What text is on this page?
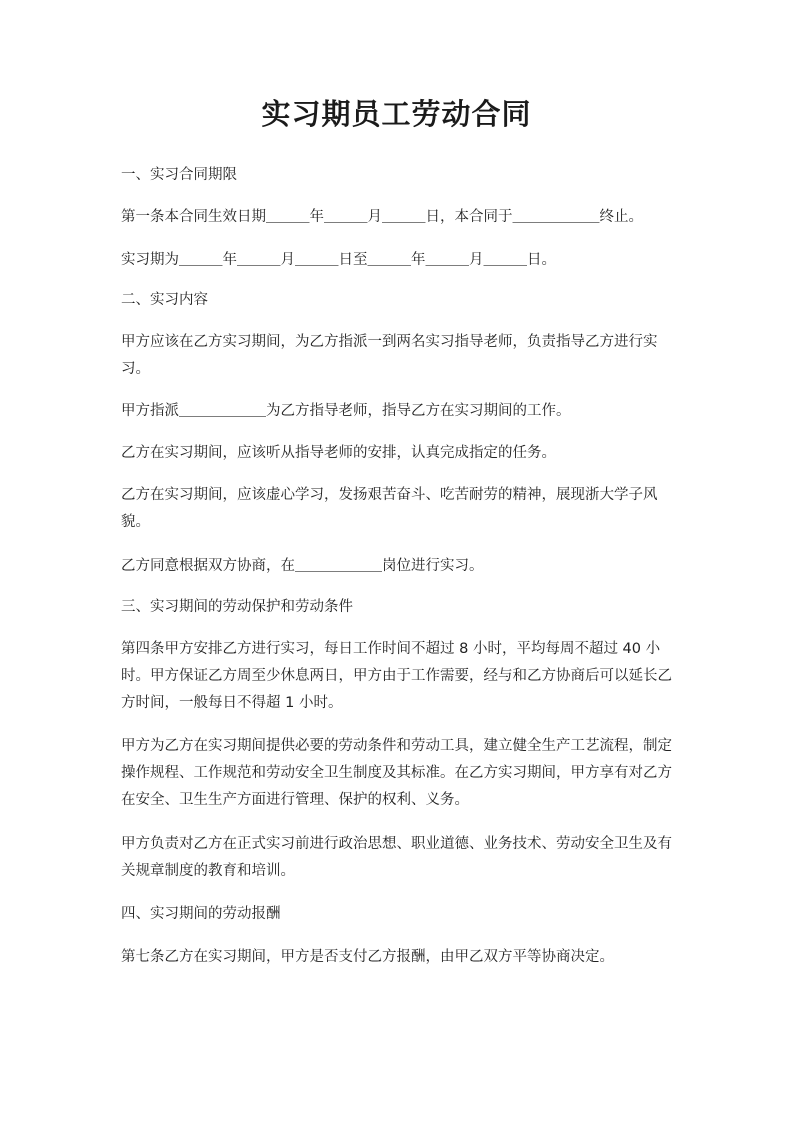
实习期员工劳动合同

一、实习合同期限

第一条本合同生效日期＿＿＿年＿＿＿月＿＿＿日，本合同于＿＿＿＿＿＿终止。

实习期为＿＿＿年＿＿＿月＿＿＿日至＿＿＿年＿＿＿月＿＿＿日。

二、实习内容

甲方应该在乙方实习期间，为乙方指派一到两名实习指导老师，负责指导乙方进行实习。

甲方指派＿＿＿＿＿＿为乙方指导老师，指导乙方在实习期间的工作。

乙方在实习期间，应该听从指导老师的安排，认真完成指定的任务。

乙方在实习期间，应该虚心学习，发扬艰苦奋斗、吃苦耐劳的精神，展现浙大学子风貌。

乙方同意根据双方协商，在＿＿＿＿＿＿岗位进行实习。

三、实习期间的劳动保护和劳动条件

第四条甲方安排乙方进行实习，每日工作时间不超过 8 小时，平均每周不超过 40 小时。甲方保证乙方周至少休息两日，甲方由于工作需要，经与和乙方协商后可以延长乙方时间，一般每日不得超 1 小时。

甲方为乙方在实习期间提供必要的劳动条件和劳动工具，建立健全生产工艺流程，制定操作规程、工作规范和劳动安全卫生制度及其标准。在乙方实习期间，甲方享有对乙方在安全、卫生生产方面进行管理、保护的权利、义务。

甲方负责对乙方在正式实习前进行政治思想、职业道德、业务技术、劳动安全卫生及有关规章制度的教育和培训。

四、实习期间的劳动报酬

第七条乙方在实习期间，甲方是否支付乙方报酬，由甲乙双方平等协商决定。
